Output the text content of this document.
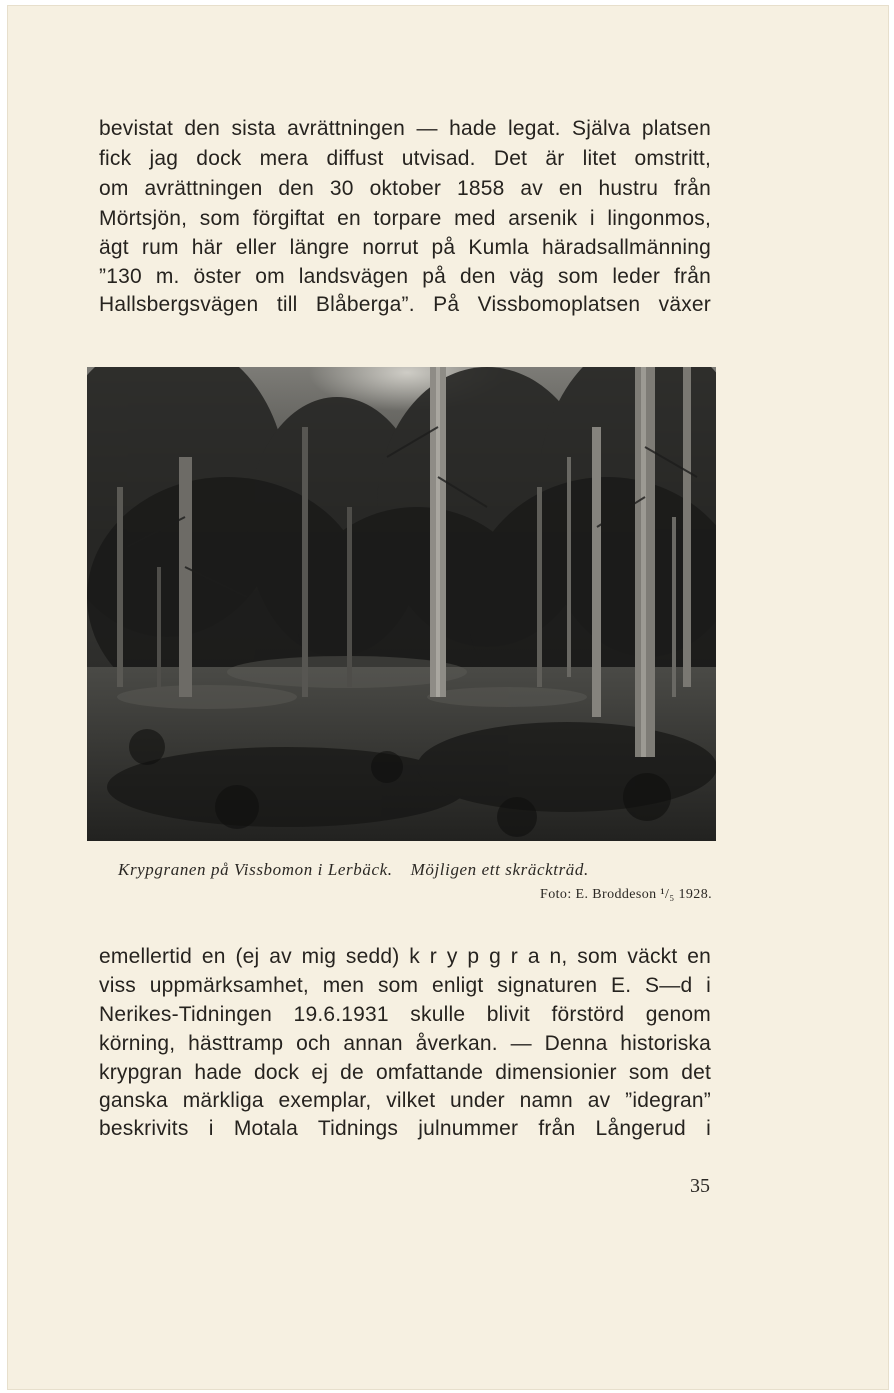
bevistat den sista avrättningen — hade legat. Själva platsen

fick jag dock mera diffust utvisad. Det är litet omstritt,

om avrättningen den 30 oktober 1858 av en hustru från

Mörtsjön, som förgiftat en torpare med arsenik i lingonmos,

ägt rum här eller längre norrut på Kumla häradsallmänning

”130 m. öster om landsvägen på den väg som leder från

Hallsbergsvägen till Blåberga”. På Vissbomoplatsen växer

Krypgranen på Vissbomon i Lerbäck. Möjligen ett skräckträd.

Foto: E. Broddeson ¹/₅ 1928.

emellertid en (ej av mig sedd) k r y p g r a n, som väckt en

viss uppmärksamhet, men som enligt signaturen E. S—d i

Nerikes-Tidningen 19.6.1931 skulle blivit förstörd genom

körning, hästtramp och annan åverkan. — Denna historiska

krypgran hade dock ej de omfattande dimensionier som det

ganska märkliga exemplar, vilket under namn av ”idegran”

beskrivits i Motala Tidnings julnummer från Långerud i

35
